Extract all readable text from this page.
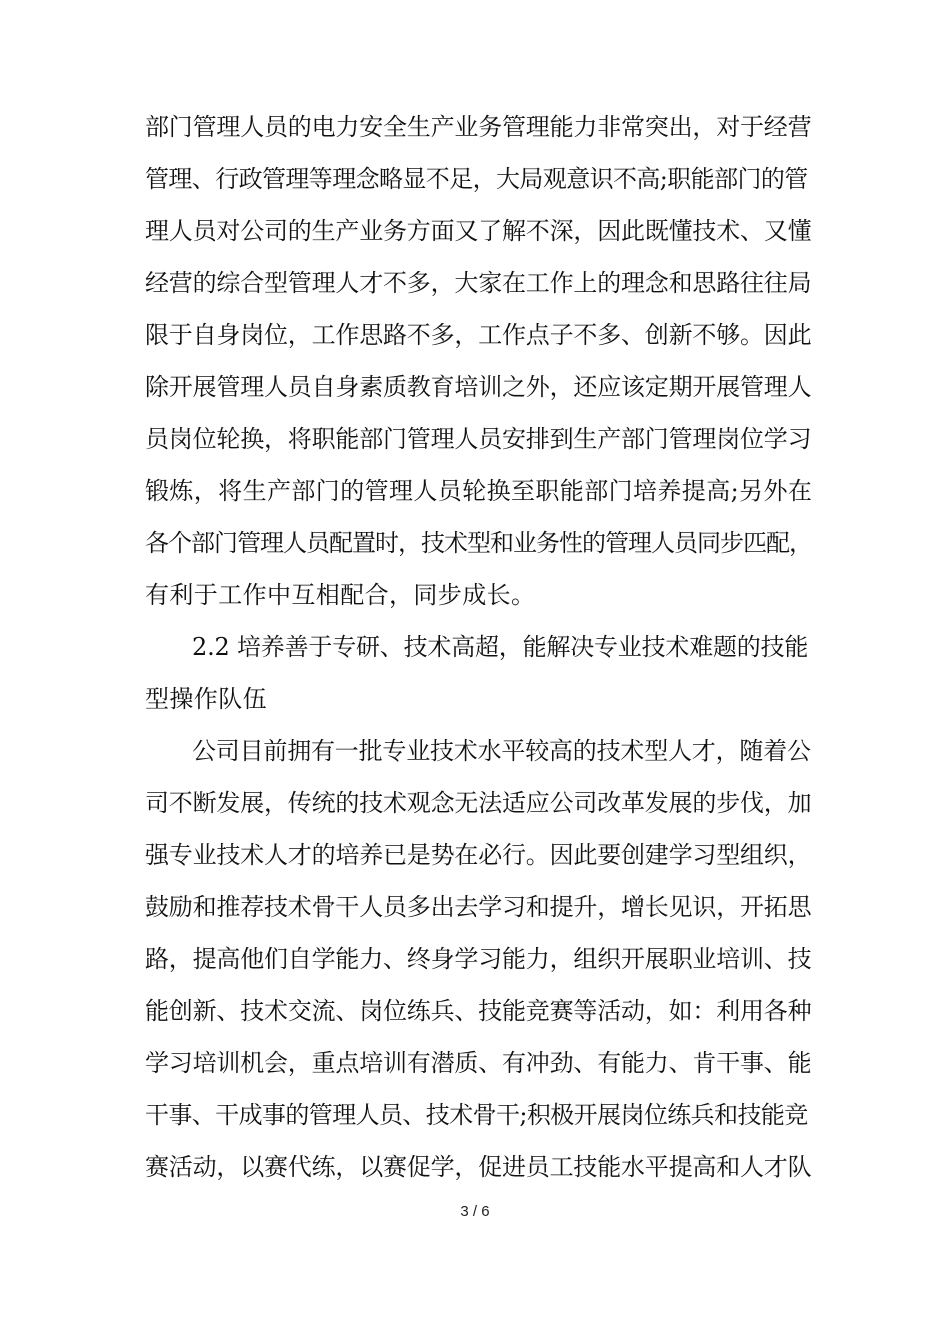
部门管理人员的电力安全生产业务管理能力非常突出，对于经营
管理、行政管理等理念略显不足，大局观意识不高;职能部门的管
理人员对公司的生产业务方面又了解不深，因此既懂技术、又懂
经营的综合型管理人才不多，大家在工作上的理念和思路往往局
限于自身岗位，工作思路不多，工作点子不多、创新不够。因此
除开展管理人员自身素质教育培训之外，还应该定期开展管理人
员岗位轮换，将职能部门管理人员安排到生产部门管理岗位学习
锻炼，将生产部门的管理人员轮换至职能部门培养提高;另外在
各个部门管理人员配置时，技术型和业务性的管理人员同步匹配，
有利于工作中互相配合，同步成长。
2.2 培养善于专研、技术高超，能解决专业技术难题的技能
型操作队伍
公司目前拥有一批专业技术水平较高的技术型人才，随着公
司不断发展，传统的技术观念无法适应公司改革发展的步伐，加
强专业技术人才的培养已是势在必行。因此要创建学习型组织，
鼓励和推荐技术骨干人员多出去学习和提升，增长见识，开拓思
路，提高他们自学能力、终身学习能力，组织开展职业培训、技
能创新、技术交流、岗位练兵、技能竞赛等活动，如：利用各种
学习培训机会，重点培训有潜质、有冲劲、有能力、肯干事、能
干事、干成事的管理人员、技术骨干;积极开展岗位练兵和技能竞
赛活动，以赛代练，以赛促学，促进员工技能水平提高和人才队
3 / 6
